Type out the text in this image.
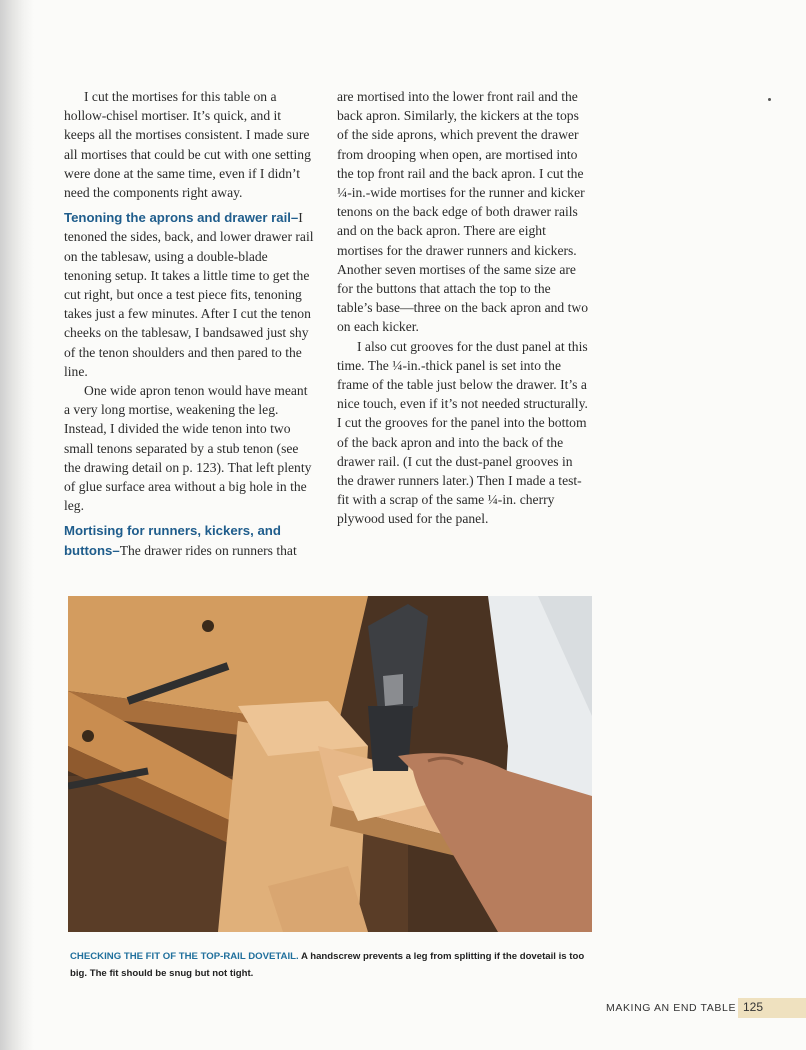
I cut the mortises for this table on a hollow-chisel mortiser. It’s quick, and it keeps all the mortises consistent. I made sure all mortises that could be cut with one setting were done at the same time, even if I didn’t need the components right away.

Tenoning the aprons and drawer rail–I tenoned the sides, back, and lower drawer rail on the tablesaw, using a double-blade tenoning setup. It takes a little time to get the cut right, but once a test piece fits, tenoning takes just a few minutes. After I cut the tenon cheeks on the tablesaw, I bandsawed just shy of the tenon shoulders and then pared to the line.

One wide apron tenon would have meant a very long mortise, weakening the leg. Instead, I divided the wide tenon into two small tenons separated by a stub tenon (see the drawing detail on p. 123). That left plenty of glue surface area without a big hole in the leg.

Mortising for runners, kickers, and buttons–The drawer rides on runners that

are mortised into the lower front rail and the back apron. Similarly, the kickers at the tops of the side aprons, which prevent the drawer from drooping when open, are mortised into the top front rail and the back apron. I cut the ¼-in.-wide mortises for the runner and kicker tenons on the back edge of both drawer rails and on the back apron. There are eight mortises for the drawer runners and kickers. Another seven mortises of the same size are for the buttons that attach the top to the table’s base—three on the back apron and two on each kicker.

I also cut grooves for the dust panel at this time. The ¼-in.-thick panel is set into the frame of the table just below the drawer. It’s a nice touch, even if it’s not needed structurally. I cut the grooves for the panel into the bottom of the back apron and into the back of the drawer rail. (I cut the dust-panel grooves in the drawer runners later.) Then I made a test-fit with a scrap of the same ¼-in. cherry plywood used for the panel.

CHECKING THE FIT OF THE TOP-RAIL DOVETAIL. A handscrew prevents a leg from splitting if the dovetail is too big. The fit should be snug but not tight.
MAKING AN END TABLE 125
